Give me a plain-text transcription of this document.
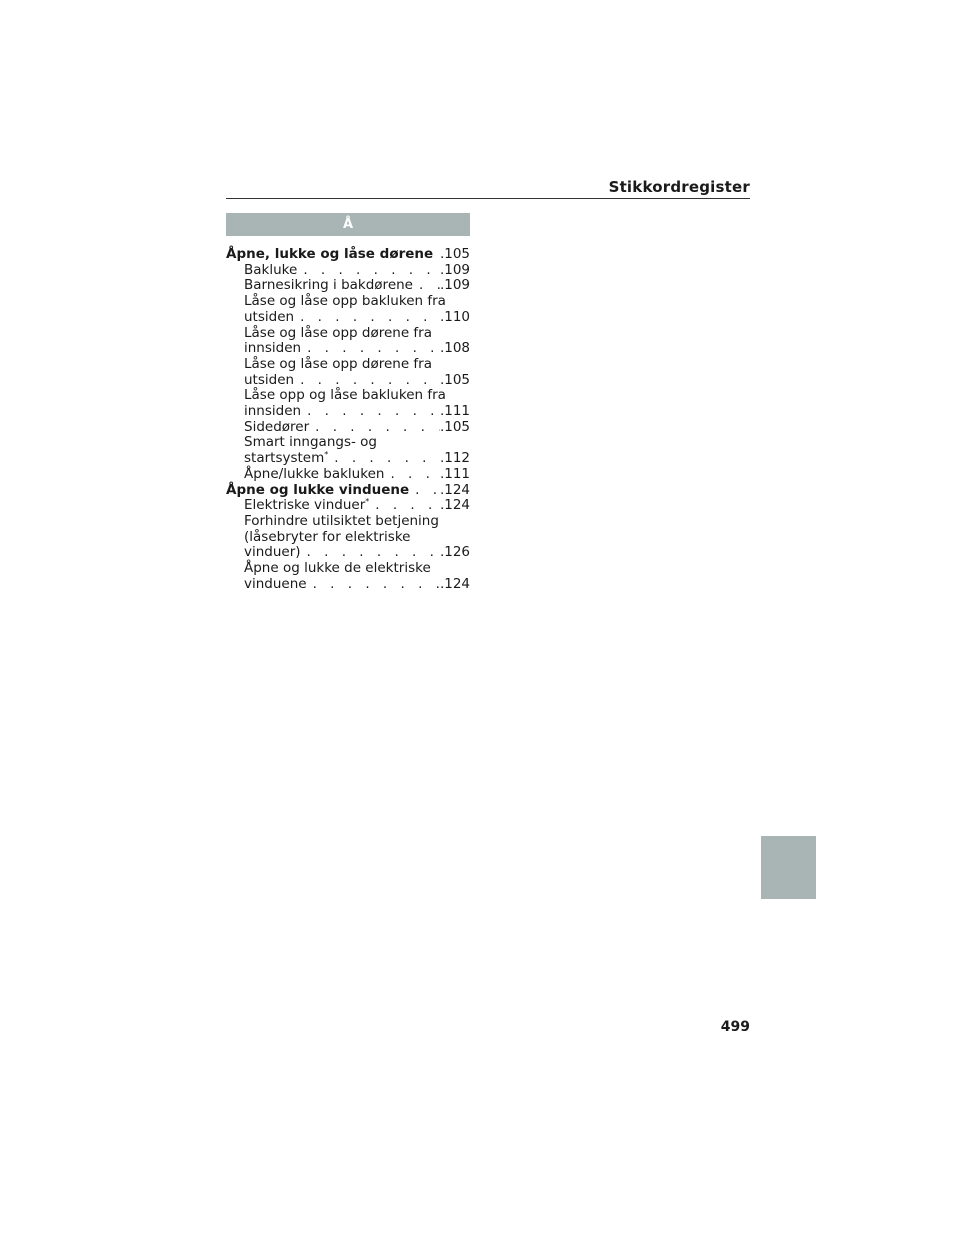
Stikkordregister
Å
Åpne, lukke og låse dørene . . . .105
Bakluke . . .	.109
Barnesikring i bakdørene . . . .109
Låse og låse opp bakluken fra
utsiden . . .	.110
Låse og låse opp dørene fra
innsiden . . .	.108
Låse og låse opp dørene fra
utsiden . . .	.105
Låse opp og låse bakluken fra
innsiden . . .	.111
Sidedører . . .	.105
Smart inngangs- og
startsystem* . . .	.112
Åpne/lukke bakluken . . .	.111
Åpne og lukke vinduene . . . .124
Elektriske vinduer* . . .	.124
Forhindre utilsiktet betjening
(låsebryter for elektriske
vinduer) . . .	.126
Åpne og lukke de elektriske
vinduene . . .	.124
499
